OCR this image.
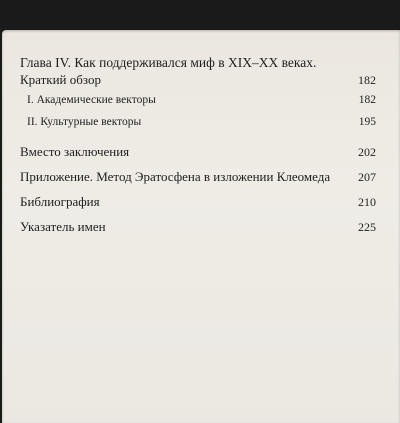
Глава IV. Как поддерживался миф в XIX–XX веках.
Краткий обзор	182
I. Академические векторы	182
II. Культурные векторы	195
Вместо заключения	202
Приложение. Метод Эратосфена в изложении Клеомеда 207
Библиография	210
Указатель имен	225
